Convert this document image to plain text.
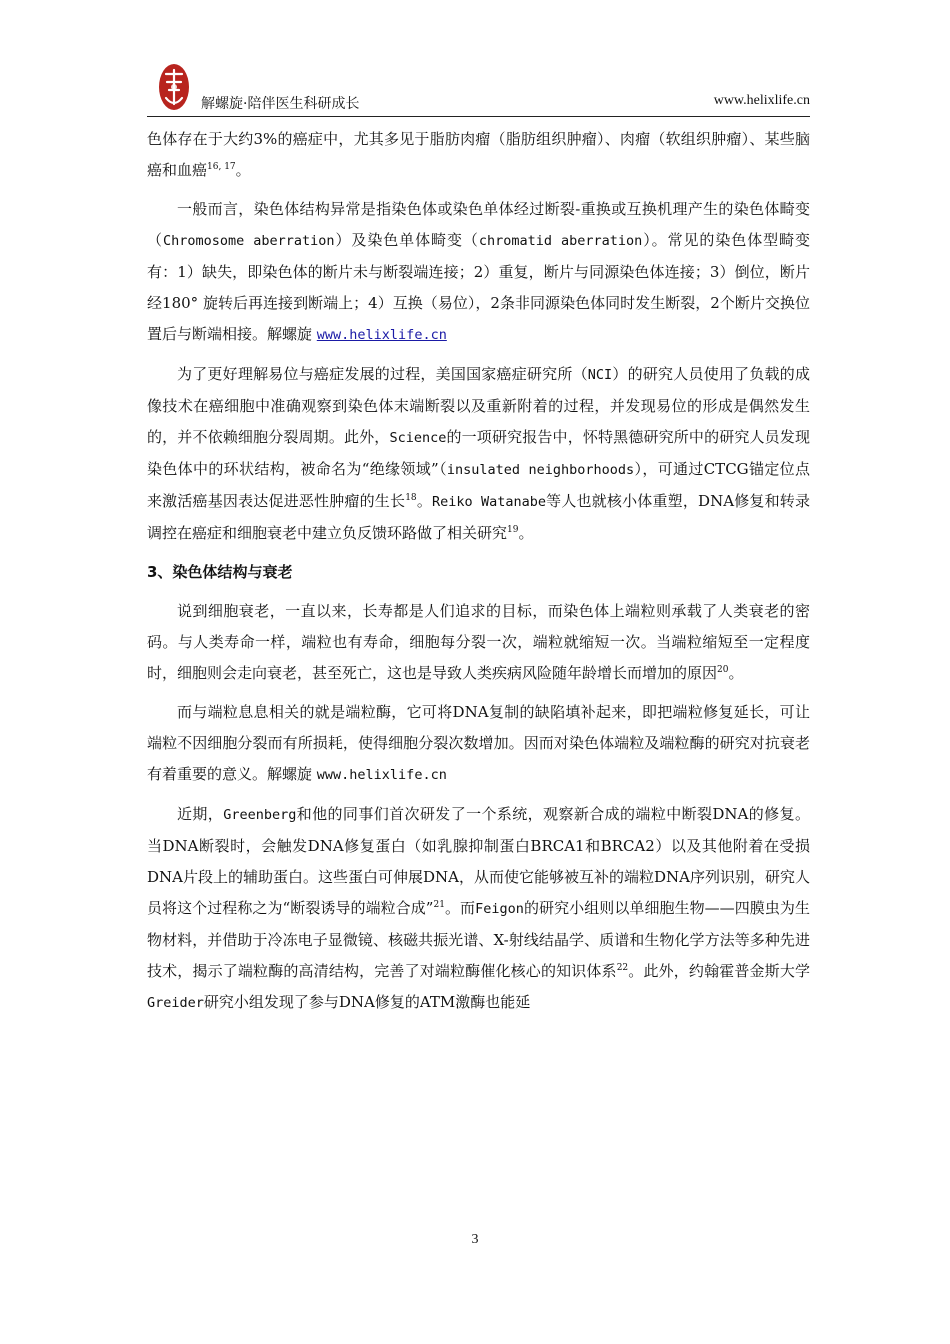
解螺旋·陪伴医生科研成长	www.helixlife.cn

色体存在于大约3%的癌症中，尤其多见于脂肪肉瘤（脂肪组织肿瘤）、肉瘤（软组织肿瘤）、某些脑癌和血癌$^{16, 17}$。

一般而言，染色体结构异常是指染色体或染色单体经过断裂-重换或互换机理产生的染色体畸变（Chromosome aberration）及染色单体畸变（chromatid aberration）。常见的染色体型畸变有：1）缺失，即染色体的断片未与断裂端连接；2）重复，断片与同源染色体连接；3）倒位，断片经180° 旋转后再连接到断端上；4）互换（易位），2条非同源染色体同时发生断裂，2个断片交换位置后与断端相接。解螺旋 www.helixlife.cn

为了更好理解易位与癌症发展的过程，美国国家癌症研究所（NCI）的研究人员使用了负载的成像技术在癌细胞中准确观察到染色体末端断裂以及重新附着的过程，并发现易位的形成是偶然发生的，并不依赖细胞分裂周期。此外，Science的一项研究报告中，怀特黑德研究所中的研究人员发现染色体中的环状结构，被命名为“绝缘领域”（insulated neighborhoods），可通过CTCG锚定位点来激活癌基因表达促进恶性肿瘤的生长$^{18}$。Reiko Watanabe等人也就核小体重塑，DNA修复和转录调控在癌症和细胞衰老中建立负反馈环路做了相关研究$^{19}$。

3、染色体结构与衰老

说到细胞衰老，一直以来，长寿都是人们追求的目标，而染色体上端粒则承载了人类衰老的密码。与人类寿命一样，端粒也有寿命，细胞每分裂一次，端粒就缩短一次。当端粒缩短至一定程度时，细胞则会走向衰老，甚至死亡，这也是导致人类疾病风险随年龄增长而增加的原因$^{20}$。

而与端粒息息相关的就是端粒酶，它可将DNA复制的缺陷填补起来，即把端粒修复延长，可让端粒不因细胞分裂而有所损耗，使得细胞分裂次数增加。因而对染色体端粒及端粒酶的研究对抗衰老有着重要的意义。解螺旋 www.helixlife.cn

近期，Greenberg和他的同事们首次研发了一个系统，观察新合成的端粒中断裂DNA的修复。当DNA断裂时，会触发DNA修复蛋白（如乳腺抑制蛋白BRCA1和BRCA2）以及其他附着在受损DNA片段上的辅助蛋白。这些蛋白可伸展DNA，从而使它能够被互补的端粒DNA序列识别，研究人员将这个过程称之为“断裂诱导的端粒合成”$^{21}$。而Feigon的研究小组则以单细胞生物——四膜虫为生物材料，并借助于冷冻电子显微镜、核磁共振光谱、X-射线结晶学、质谱和生物化学方法等多种先进技术，揭示了端粒酶的高清结构，完善了对端粒酶催化核心的知识体系$^{22}$。此外，约翰霍普金斯大学Greider研究小组发现了参与DNA修复的ATM激酶也能延

3
